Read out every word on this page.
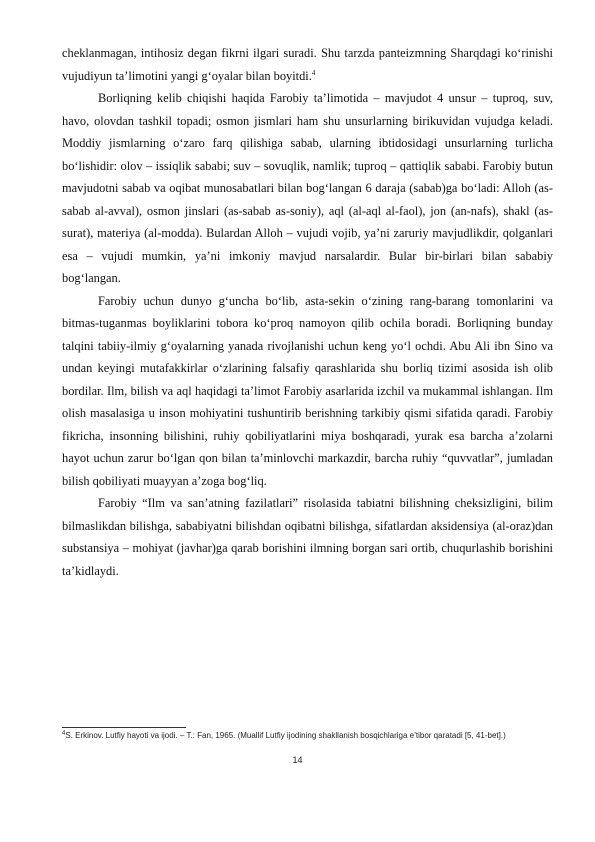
cheklanmagan, intihosiz degan fikrni ilgari suradi. Shu tarzda panteizmning Sharqdagi ko‘rinishi vujudiyun ta’limotini yangi g‘oyalar bilan boyitdi.$^4$

Borliqning kelib chiqishi haqida Farobiy ta’limotida – mavjudot 4 unsur – tuproq, suv, havo, olovdan tashkil topadi; osmon jismlari ham shu unsurlarning birikuvidan vujudga keladi. Moddiy jismlarning o‘zaro farq qilishiga sabab, ularning ibtidosidagi unsurlarning turlicha bo‘lishidir: olov – issiqlik sababi; suv – sovuqlik, namlik; tuproq – qattiqlik sababi. Farobiy butun mavjudotni sabab va oqibat munosabatlari bilan bog‘langan 6 daraja (sabab)ga bo‘ladi: Alloh (as-sabab al-avval), osmon jinslari (as-sabab as-soniy), aql (al-aql al-faol), jon (an-nafs), shakl (as-surat), materiya (al-modda). Bulardan Alloh – vujudi vojib, ya’ni zaruriy mavjudlikdir, qolganlari esa – vujudi mumkin, ya’ni imkoniy mavjud narsalardir. Bular bir-birlari bilan sababiy bog‘langan.

Farobiy uchun dunyo g‘uncha bo‘lib, asta-sekin o‘zining rang-barang tomonlarini va bitmas-tuganmas boyliklarini tobora ko‘proq namoyon qilib ochila boradi. Borliqning bunday talqini tabiiy-ilmiy g‘oyalarning yanada rivojlanishi uchun keng yo‘l ochdi. Abu Ali ibn Sino va undan keyingi mutafakkirlar o‘zlarining falsafiy qarashlarida shu borliq tizimi asosida ish olib bordilar. Ilm, bilish va aql haqidagi ta’limot Farobiy asarlarida izchil va mukammal ishlangan. Ilm olish masalasiga u inson mohiyatini tushuntirib berishning tarkibiy qismi sifatida qaradi. Farobiy fikricha, insonning bilishini, ruhiy qobiliyatlarini miya boshqaradi, yurak esa barcha a’zolarni hayot uchun zarur bo‘lgan qon bilan ta’minlovchi markazdir, barcha ruhiy “quvvatlar”, jumladan bilish qobiliyati muayyan a’zoga bog‘liq.

Farobiy “Ilm va san’atning fazilatlari” risolasida tabiatni bilishning cheksizligini, bilim bilmaslikdan bilishga, sababiyatni bilishdan oqibatni bilishga, sifatlardan aksidensiya (al-oraz)dan substansiya – mohiyat (javhar)ga qarab borishini ilmning borgan sari ortib, chuqurlashib borishini ta’kidlaydi.

$^4$S. Erkinov. Lutfiy hayoti va ijodi. – T.: Fan, 1965. (Muallif Lutfiy ijodining shakllanish bosqichlariga e’tibor qaratadi [5, 41-bet].)
14
